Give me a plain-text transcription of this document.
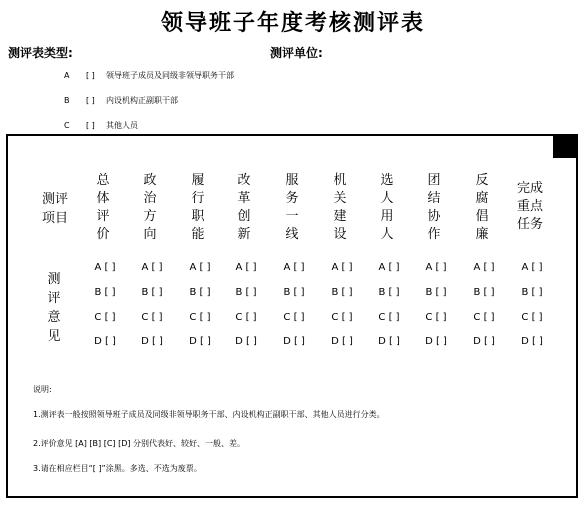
领导班子年度考核测评表
测评表类型:	测评单位:
A [ ] 领导班子成员及同级非领导职务干部
B [ ] 内设机构正副职干部
C [ ] 其他人员
测评项目
测评意见
总体评价
政治方向
履行职能
改革创新
服务一线
机关建设
选人用人
团结协作
反腐倡廉
完成重点任务
A [ ]
B [ ]
C [ ]
D [ ]
A [ ]
B [ ]
C [ ]
D [ ]
A [ ]
B [ ]
C [ ]
D [ ]
A [ ]
B [ ]
C [ ]
D [ ]
A [ ]
B [ ]
C [ ]
D [ ]
A [ ]
B [ ]
C [ ]
D [ ]
A [ ]
B [ ]
C [ ]
D [ ]
A [ ]
B [ ]
C [ ]
D [ ]
A [ ]
B [ ]
C [ ]
D [ ]
A [ ]
B [ ]
C [ ]
D [ ]
说明:
1.测评表一般按照领导班子成员及同级非领导职务干部、内设机构正副职干部、其他人员进行分类。
2.评价意见 [A] [B] [C] [D] 分别代表好、较好、一般、差。
3.请在相应栏目“[ ]”涂黑。多选、不选为废票。
